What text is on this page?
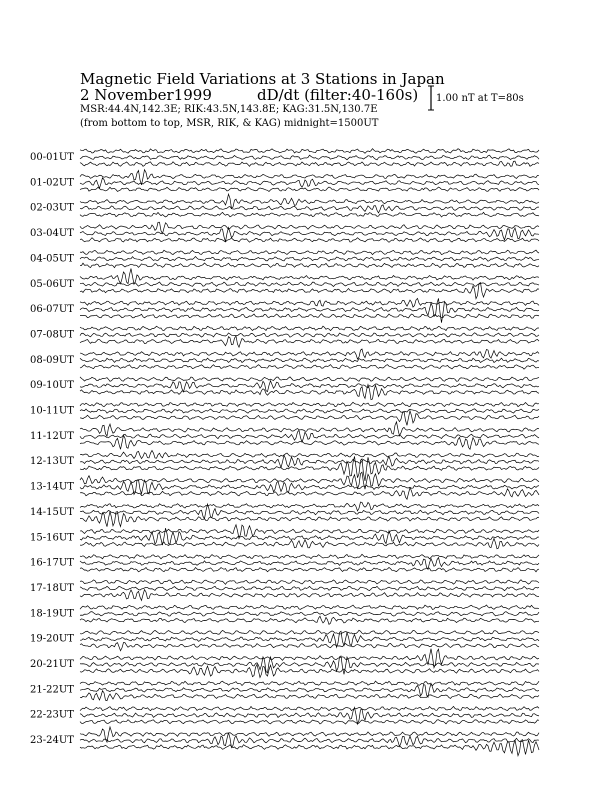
Magnetic Field Variations at 3 Stations in Japan
2 November1999	dD/dt (filter:40-160s)
MSR:44.4N,142.3E; RIK:43.5N,143.8E; KAG:31.5N,130.7E
(from bottom to top, MSR, RIK, & KAG) midnight=1500UT
1.00 nT at T=80s
00-01UT
01-02UT
02-03UT
03-04UT
04-05UT
05-06UT
06-07UT
07-08UT
08-09UT
09-10UT
10-11UT
11-12UT
12-13UT
13-14UT
14-15UT
15-16UT
16-17UT
17-18UT
18-19UT
19-20UT
20-21UT
21-22UT
22-23UT
23-24UT
